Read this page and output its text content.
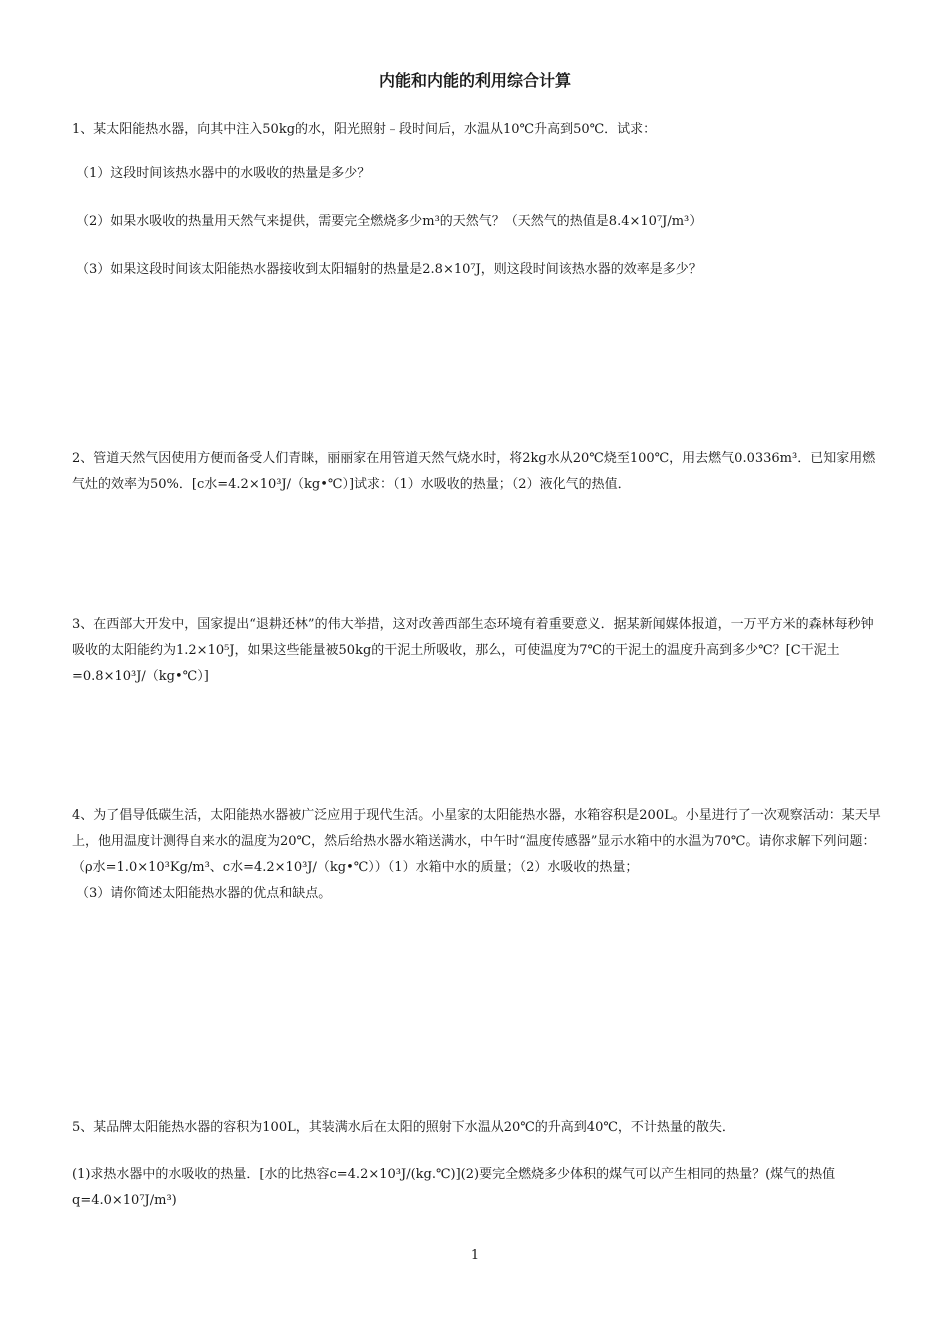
内能和内能的利用综合计算

1、某太阳能热水器，向其中注入50kg的水，阳光照射﹣段时间后，水温从10℃升高到50℃．试求：

（1）这段时间该热水器中的水吸收的热量是多少？

（2）如果水吸收的热量用天然气来提供，需要完全燃烧多少m³的天然气？（天然气的热值是8.4×10⁷J/m³）

（3）如果这段时间该太阳能热水器接收到太阳辐射的热量是2.8×10⁷J，则这段时间该热水器的效率是多少？

2、管道天然气因使用方便而备受人们青睐，丽丽家在用管道天然气烧水时，将2kg水从20℃烧至100℃，用去燃气0.0336m³．已知家用燃气灶的效率为50%．[c水=4.2×10³J/（kg•℃）]试求：（1）水吸收的热量；（2）液化气的热值．

3、在西部大开发中，国家提出“退耕还林”的伟大举措，这对改善西部生态环境有着重要意义．据某新闻媒体报道，一万平方米的森林每秒钟吸收的太阳能约为1.2×10⁵J，如果这些能量被50kg的干泥土所吸收，那么，可使温度为7℃的干泥土的温度升高到多少℃？[C干泥土=0.8×10³J/（kg•℃）]

4、为了倡导低碳生活，太阳能热水器被广泛应用于现代生活。小星家的太阳能热水器，水箱容积是200L。小星进行了一次观察活动：某天早上，他用温度计测得自来水的温度为20℃，然后给热水器水箱送满水，中午时“温度传感器”显示水箱中的水温为70℃。请你求解下列问题：（ρ水=1.0×10³Kg/m³、c水=4.2×10³J/（kg•℃））（1）水箱中水的质量；（2）水吸收的热量；

（3）请你简述太阳能热水器的优点和缺点。

5、某品牌太阳能热水器的容积为100L，其装满水后在太阳的照射下水温从20℃的升高到40℃，不计热量的散失．

(1)求热水器中的水吸收的热量．[水的比热容c=4.2×10³J/(kg.℃)](2)要完全燃烧多少体积的煤气可以产生相同的热量？(煤气的热值q=4.0×10⁷J/m³)

1
